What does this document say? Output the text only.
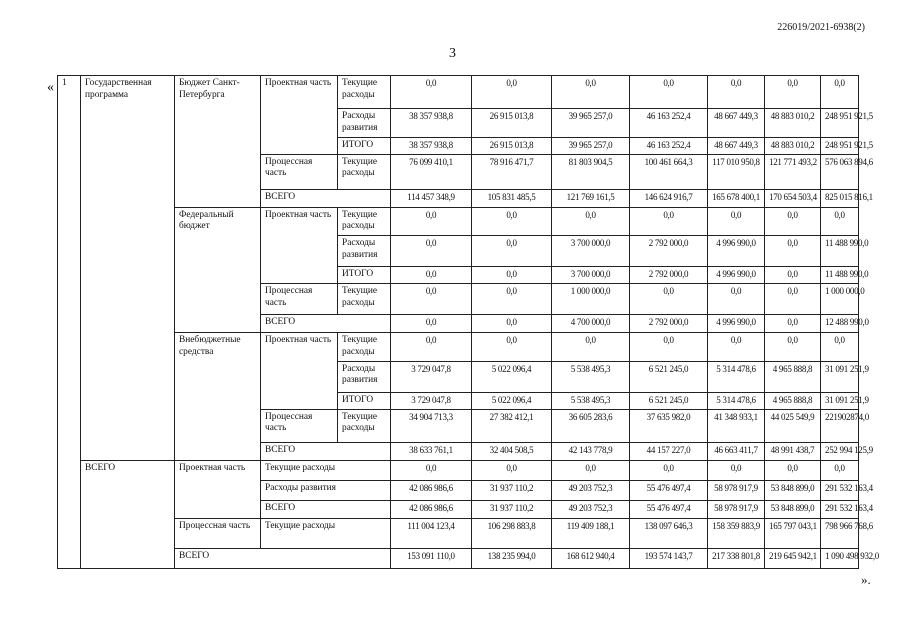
226019/2021-6938(2)
3
«
».
1	Государственная программа	Бюджет Санкт-Петербурга	Проектная часть	Текущие расходы	0,0	0,0	0,0	0,0	0,0	0,0	0,0
				Расходы развития	38 357 938,8	26 915 013,8	39 965 257,0	46 163 252,4	48 667 449,3	48 883 010,2	248 951 921,5
				ИТОГО	38 357 938,8	26 915 013,8	39 965 257,0	46 163 252,4	48 667 449,3	48 883 010,2	248 951 921,5
			Процессная часть	Текущие расходы	76 099 410,1	78 916 471,7	81 803 904,5	100 461 664,3	117 010 950,8	121 771 493,2	576 063 894,6
			ВСЕГО		114 457 348,9	105 831 485,5	121 769 161,5	146 624 916,7	165 678 400,1	170 654 503,4	825 015 816,1
		Федеральный бюджет	Проектная часть	Текущие расходы	0,0	0,0	0,0	0,0	0,0	0,0	0,0
				Расходы развития	0,0	0,0	3 700 000,0	2 792 000,0	4 996 990,0	0,0	11 488 990,0
				ИТОГО	0,0	0,0	3 700 000,0	2 792 000,0	4 996 990,0	0,0	11 488 990,0
			Процессная часть	Текущие расходы	0,0	0,0	1 000 000,0	0,0	0,0	0,0	1 000 000,0
			ВСЕГО		0,0	0,0	4 700 000,0	2 792 000,0	4 996 990,0	0,0	12 488 990,0
		Внебюджетные средства	Проектная часть	Текущие расходы	0,0	0,0	0,0	0,0	0,0	0,0	0,0
				Расходы развития	3 729 047,8	5 022 096,4	5 538 495,3	6 521 245,0	5 314 478,6	4 965 888,8	31 091 251,9
				ИТОГО	3 729 047,8	5 022 096,4	5 538 495,3	6 521 245,0	5 314 478,6	4 965 888,8	31 091 251,9
			Процессная часть	Текущие расходы	34 904 713,3	27 382 412,1	36 605 283,6	37 635 982,0	41 348 933,1	44 025 549,9	221902874,0
			ВСЕГО		38 633 761,1	32 404 508,5	42 143 778,9	44 157 227,0	46 663 411,7	48 991 438,7	252 994 125,9
	ВСЕГО	Проектная часть	Текущие расходы		0,0	0,0	0,0	0,0	0,0	0,0	0,0
			Расходы развития		42 086 986,6	31 937 110,2	49 203 752,3	55 476 497,4	58 978 917,9	53 848 899,0	291 532 163,4
			ВСЕГО		42 086 986,6	31 937 110,2	49 203 752,3	55 476 497,4	58 978 917,9	53 848 899,0	291 532 163,4
		Процессная часть	Текущие расходы		111 004 123,4	106 298 883,8	119 409 188,1	138 097 646,3	158 359 883,9	165 797 043,1	798 966 768,6
		ВСЕГО			153 091 110,0	138 235 994,0	168 612 940,4	193 574 143,7	217 338 801,8	219 645 942,1	1 090 498 932,0
